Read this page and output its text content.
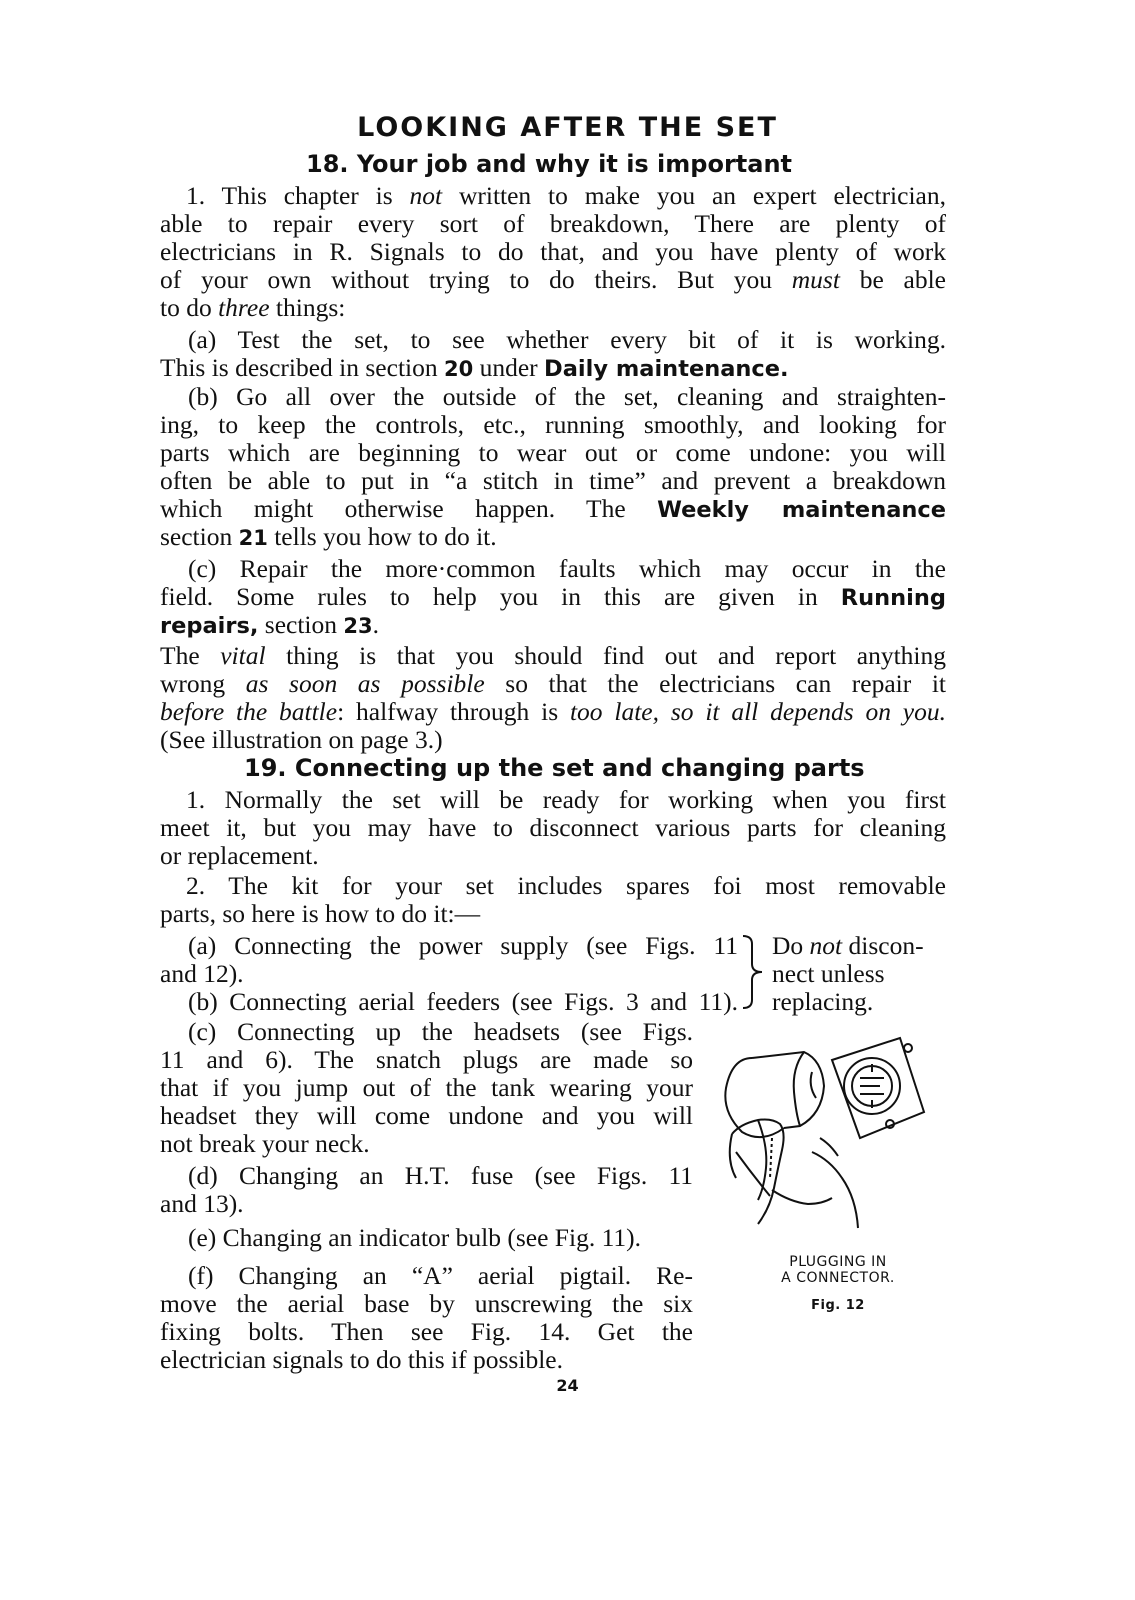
LOOKING AFTER THE SET
18. Your job and why it is important
1. This chapter is not written to make you an expert electrician,
able to repair every sort of breakdown, There are plenty of
electricians in R. Signals to do that, and you have plenty of work
of your own without trying to do theirs. But you must be able
to do three things:
(a) Test the set, to see whether every bit of it is working.
This is described in section 20 under Daily maintenance.
(b) Go all over the outside of the set, cleaning and straighten-
ing, to keep the controls, etc., running smoothly, and looking for
parts which are beginning to wear out or come undone: you will
often be able to put in “a stitch in time” and prevent a breakdown
which might otherwise happen. The Weekly maintenance
section 21 tells you how to do it.
(c) Repair the more·common faults which may occur in the
field. Some rules to help you in this are given in Running
repairs, section 23.
The vital thing is that you should find out and report anything
wrong as soon as possible so that the electricians can repair it
before the battle: halfway through is too late, so it all depends on you.
(See illustration on page 3.)
19. Connecting up the set and changing parts
1. Normally the set will be ready for working when you first
meet it, but you may have to disconnect various parts for cleaning
or replacement.
2. The kit for your set includes spares foi most removable
parts, so here is how to do it:—
(a) Connecting the power supply (see Figs. 11
and 12).
(b) Connecting aerial feeders (see Figs. 3 and 11).
Do not discon-
nect unless
replacing.
(c) Connecting up the headsets (see Figs.
11 and 6). The snatch plugs are made so
that if you jump out of the tank wearing your
headset they will come undone and you will
not break your neck.
(d) Changing an H.T. fuse (see Figs. 11
and 13).
(e) Changing an indicator bulb (see Fig. 11).
(f) Changing an “A” aerial pigtail. Re-
move the aerial base by unscrewing the six
fixing bolts. Then see Fig. 14. Get the
electrician signals to do this if possible.
PLUGGING IN
A CONNECTOR.
Fig. 12
24
